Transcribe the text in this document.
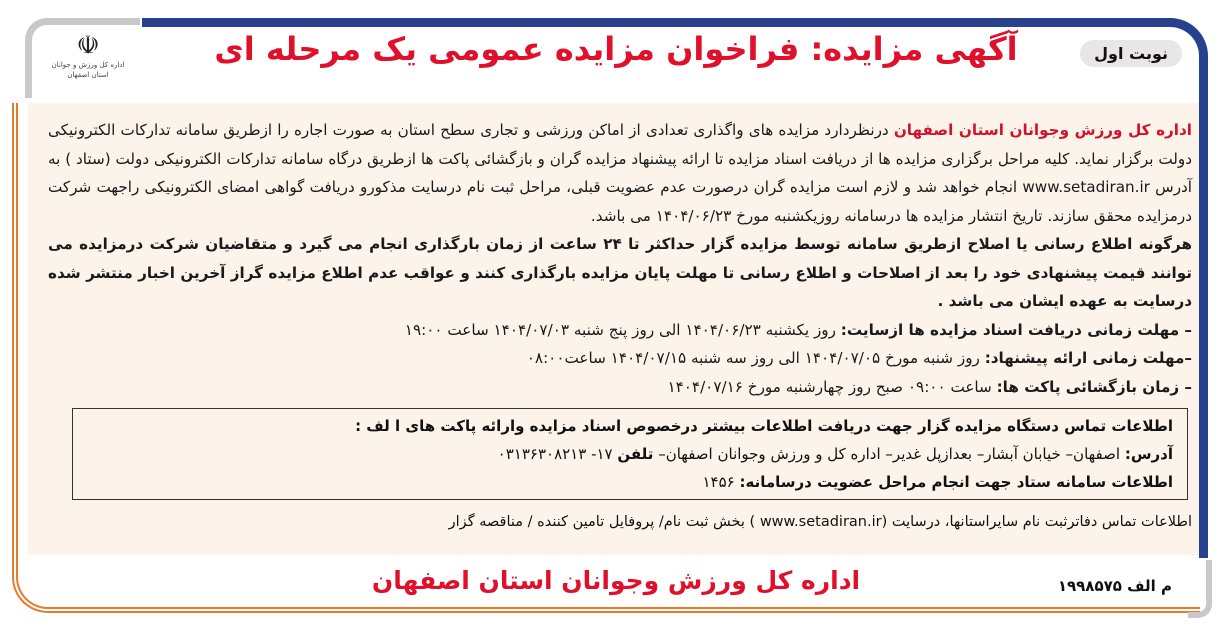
☫
اداره کل ورزش و جوانان استان اصفهان
نوبت اول
آگهی مزایده: فراخوان مزایده عمومی یک مرحله ای

اداره کل ورزش وجوانان استان اصفهان درنظردارد مزایده های واگذاری تعدادی از اماکن ورزشی و تجاری سطح استان به صورت اجاره را ازطریق سامانه تدارکات الکترونیکی دولت برگزار نماید. کلیه مراحل برگزاری مزایده ها از دریافت اسناد مزایده تا ارائه پیشنهاد مزایده گران و بازگشائی پاکت ها ازطریق درگاه سامانه تدارکات الکترونیکی دولت (ستاد ) به آدرس www.setadiran.ir انجام خواهد شد و لازم است مزایده گران درصورت عدم عضویت قبلی، مراحل ثبت نام درسایت مذکورو دریافت گواهی امضای الکترونیکی راجهت شرکت درمزایده محقق سازند. تاریخ انتشار مزایده ها درسامانه روزیکشنبه مورخ ۱۴۰۴/۰۶/۲۳ می باشد.

هرگونه اطلاع رسانی یا اصلاح ازطریق سامانه توسط مزایده گزار حداکثر تا ۲۴ ساعت از زمان بارگذاری انجام می گیرد و متقاضیان شرکت درمزایده می توانند قیمت پیشنهادی خود را بعد از اصلاحات و اطلاع رسانی تا مهلت پایان مزایده بارگذاری کنند و عواقب عدم اطلاع مزایده گراز آخرین اخبار منتشر شده درسایت به عهده ایشان می باشد .

– مهلت زمانی دریافت اسناد مزایده ها ازسایت: روز یکشنبه ۱۴۰۴/۰۶/۲۳ الی روز پنج شنبه ۱۴۰۴/۰۷/۰۳ ساعت ۱۹:۰۰

–مهلت زمانی ارائه پیشنهاد: روز شنبه مورخ ۱۴۰۴/۰۷/۰۵ الی روز سه شنبه ۱۴۰۴/۰۷/۱۵ ساعت۰۸:۰۰

– زمان بازگشائی پاکت ها: ساعت ۰۹:۰۰ صبح روز چهارشنبه مورخ ۱۴۰۴/۰۷/۱۶

اطلاعات تماس دستگاه مزایده گزار جهت دریافت اطلاعات بیشتر درخصوص اسناد مزایده وارائه پاکت های ا لف :
آدرس: اصفهان– خیابان آبشار– بعدازپل غدیر– اداره کل و ورزش وجوانان اصفهان– تلفن ۱۷- ۰۳۱۳۶۳۰۸۲۱۳
اطلاعات سامانه ستاد جهت انجام مراحل عضویت درسامانه: ۱۴۵۶
اطلاعات تماس دفاترثبت نام سایراستانها، درسایت (www.setadiran.ir ) بخش ثبت نام/ پروفایل تامین کننده / مناقصه گزار
اداره کل ورزش وجوانان استان اصفهان	م الف ۱۹۹۸۵۷۵
